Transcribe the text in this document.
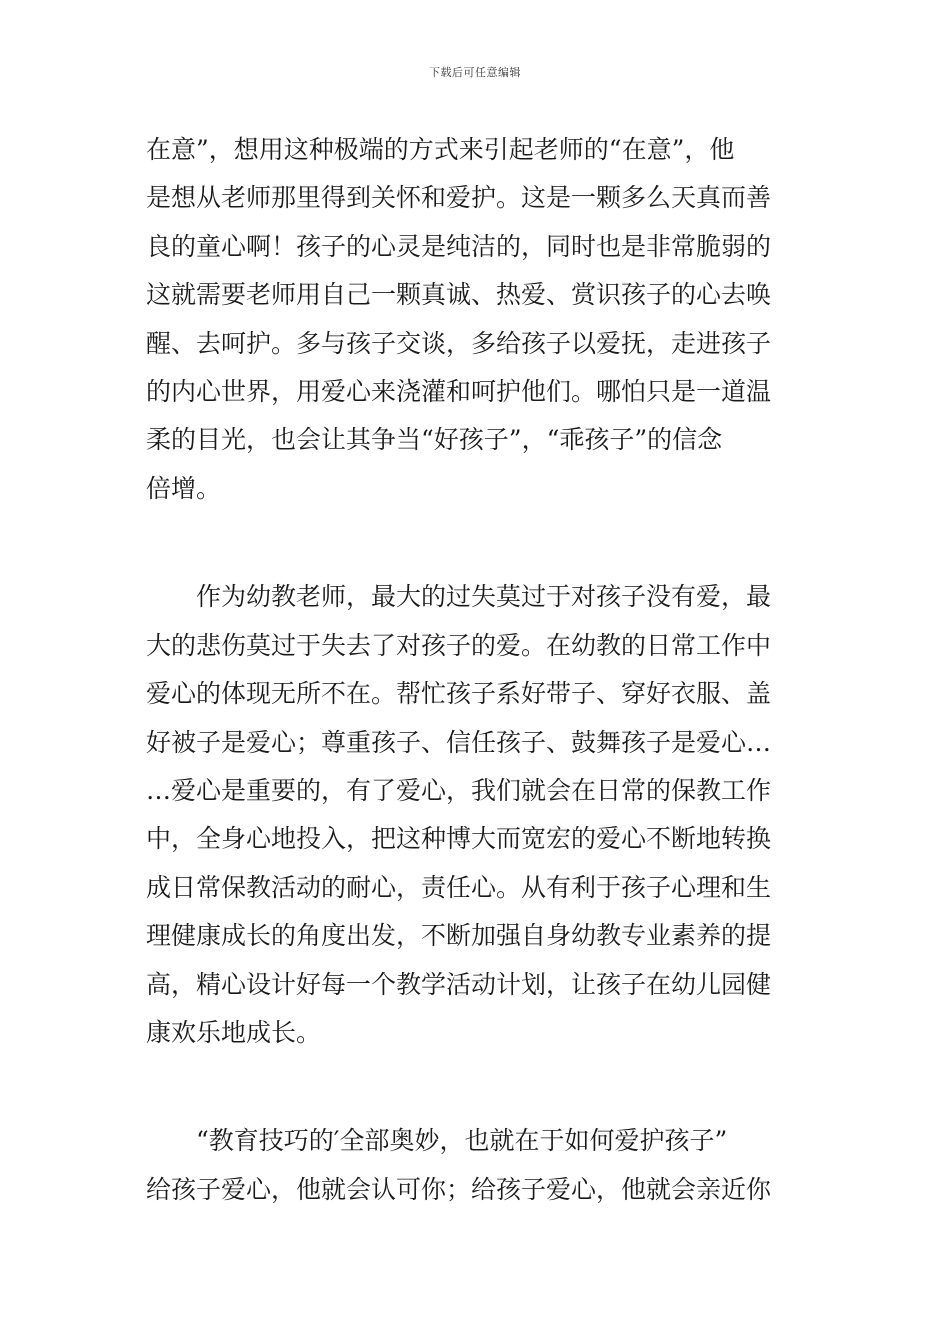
下载后可任意编辑
在意”，想用这种极端的方式来引起老师的“在意”，他
是想从老师那里得到关怀和爱护。这是一颗多么天真而善
良的童心啊！孩子的心灵是纯洁的，同时也是非常脆弱的
这就需要老师用自己一颗真诚、热爱、赏识孩子的心去唤
醒、去呵护。多与孩子交谈，多给孩子以爱抚，走进孩子
的内心世界，用爱心来浇灌和呵护他们。哪怕只是一道温
柔的目光，也会让其争当“好孩子”，“乖孩子”的信念
倍增。
作为幼教老师，最大的过失莫过于对孩子没有爱，最
大的悲伤莫过于失去了对孩子的爱。在幼教的日常工作中
爱心的体现无所不在。帮忙孩子系好带子、穿好衣服、盖
好被子是爱心；尊重孩子、信任孩子、鼓舞孩子是爱心…
…爱心是重要的，有了爱心，我们就会在日常的保教工作
中，全身心地投入，把这种博大而宽宏的爱心不断地转换
成日常保教活动的耐心，责任心。从有利于孩子心理和生
理健康成长的角度出发，不断加强自身幼教专业素养的提
高，精心设计好每一个教学活动计划，让孩子在幼儿园健
康欢乐地成长。
“教育技巧的′全部奥妙，也就在于如何爱护孩子”
给孩子爱心，他就会认可你；给孩子爱心，他就会亲近你
